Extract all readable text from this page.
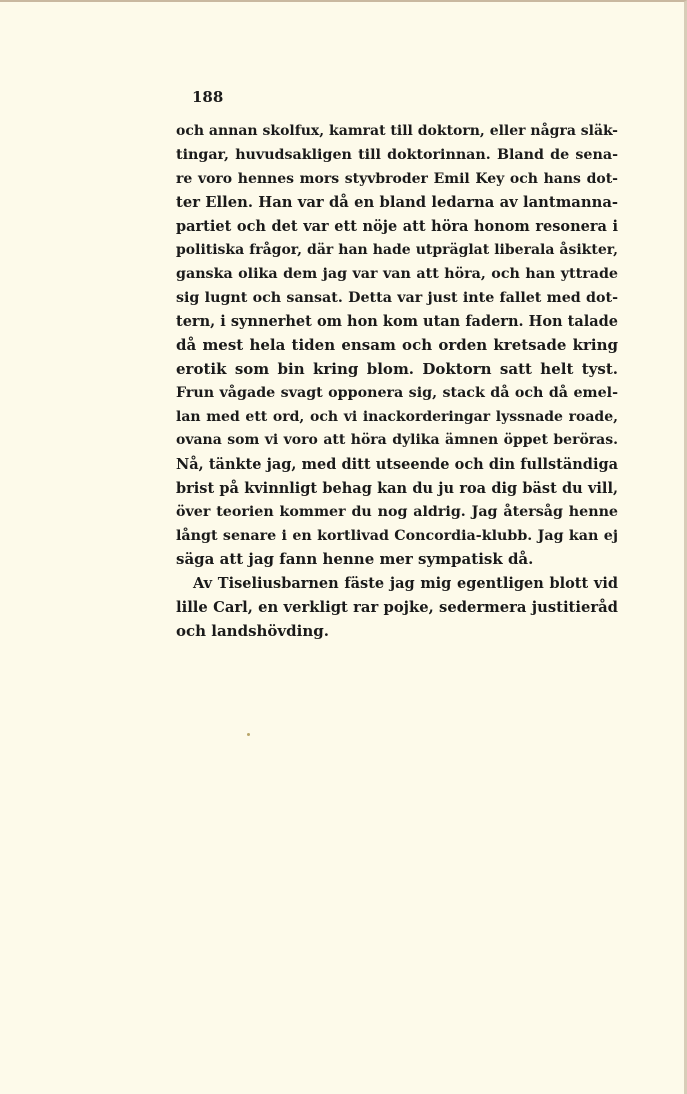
188
och annan skolfux, kamrat till doktorn, eller några släk-
tingar, huvudsakligen till doktorinnan. Bland de sena-
re voro hennes mors styvbroder Emil Key och hans dot-
ter Ellen. Han var då en bland ledarna av lantmanna-
partiet och det var ett nöje att höra honom resonera i
politiska frågor, där han hade utpräglat liberala åsikter,
ganska olika dem jag var van att höra, och han yttrade
sig lugnt och sansat. Detta var just inte fallet med dot-
tern, i synnerhet om hon kom utan fadern. Hon talade
då mest hela tiden ensam och orden kretsade kring
erotik som bin kring blom. Doktorn satt helt tyst.
Frun vågade svagt opponera sig, stack då och då emel-
lan med ett ord, och vi inackorderingar lyssnade roade,
ovana som vi voro att höra dylika ämnen öppet beröras.
Nå, tänkte jag, med ditt utseende och din fullständiga
brist på kvinnligt behag kan du ju roa dig bäst du vill,
över teorien kommer du nog aldrig. Jag återsåg henne
långt senare i en kortlivad Concordia-klubb. Jag kan ej
säga att jag fann henne mer sympatisk då.
Av Tiseliusbarnen fäste jag mig egentligen blott vid
lille Carl, en verkligt rar pojke, sedermera justitieråd
och landshövding.
